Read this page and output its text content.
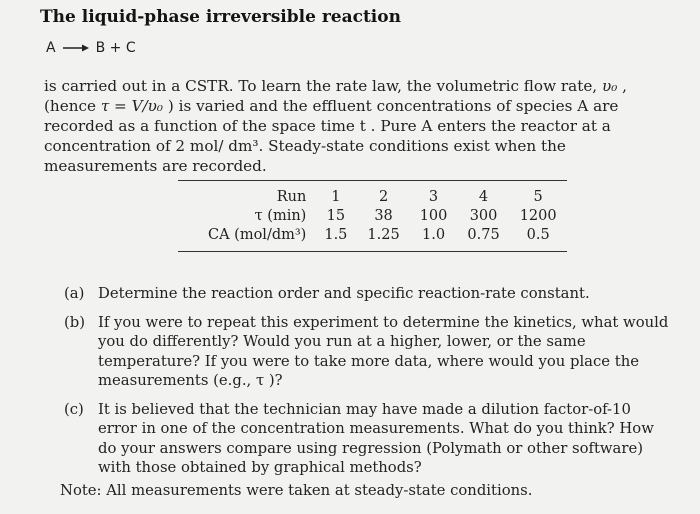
The liquid-phase irreversible reaction
A → B + C
is carried out in a CSTR. To learn the rate law, the volumetric flow rate, υ₀ , (hence τ = V/υ₀ ) is varied and the effluent concentrations of species A are recorded as a function of the space time t . Pure A enters the reactor at a concentration of 2 mol/ dm³. Steady-state conditions exist when the measurements are recorded.
Run	1	2	3	4	5
τ (min)	15	38	100	300	1200
CA (mol/dm³)	1.5	1.25	1.0	0.75	0.5
(a) Determine the reaction order and specific reaction-rate constant.
(b) If you were to repeat this experiment to determine the kinetics, what would you do differently? Would you run at a higher, lower, or the same temperature? If you were to take more data, where would you place the measurements (e.g., τ )?
(c) It is believed that the technician may have made a dilution factor-of-10 error in one of the concentration measurements. What do you think? How do your answers compare using regression (Polymath or other software) with those obtained by graphical methods?
Note: All measurements were taken at steady-state conditions.
